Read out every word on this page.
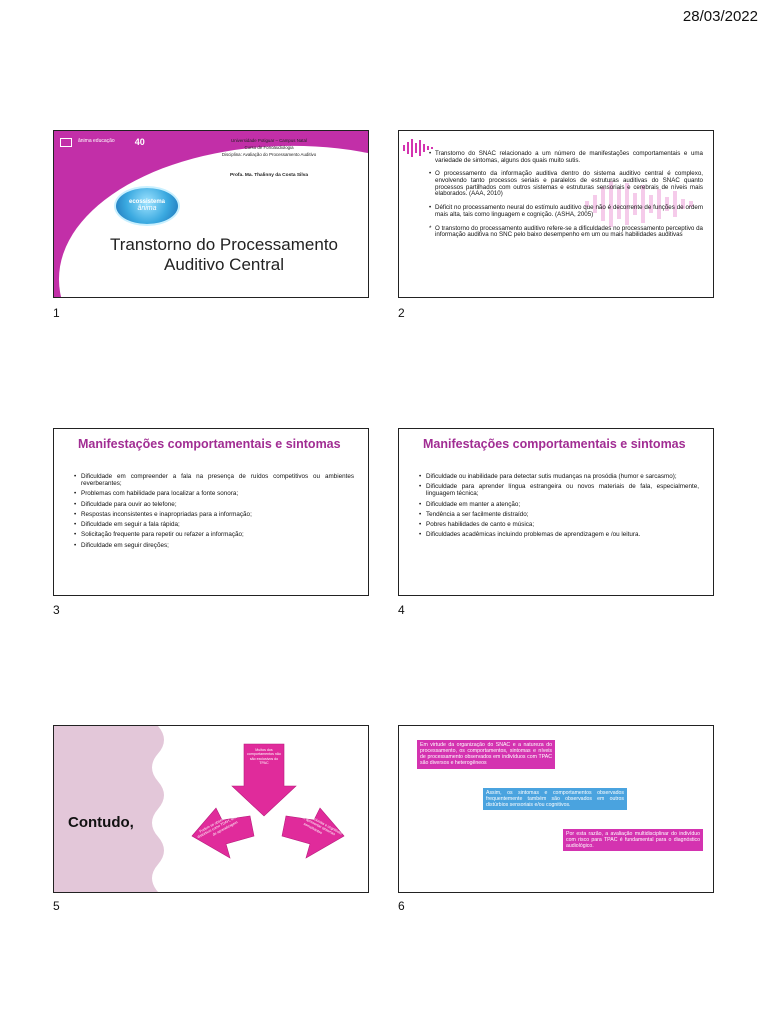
28/03/2022
ânima educação 40	Universidade Potiguar – Campus Natal
Curso de Fonoaudiologia
Disciplina: Avaliação do Processamento Auditivo
Profa. Ma. Thalinny da Costa Silva
ecossistema
ânima
Transtorno do Processamento
Auditivo Central
1

• Transtorno do SNAC relacionado a um número de manifestações comportamentais e uma variedade de sintomas, alguns dos quais muito sutis.

• O processamento da informação auditiva dentro do sistema auditivo central é complexo, envolvendo tanto processos seriais e paralelos de estruturas auditivas do SNAC quanto processos partilhados com outros sistemas e estruturas sensoriais e cerebrais de níveis mais elaborados. (AAA, 2010)

• Déficit no processamento neural do estímulo auditivo que não é decorrente de funções de ordem mais alta, tais como linguagem e cognição. (ASHA, 2005)

* O transtorno do processamento auditivo refere-se a dificuldades no processamento perceptivo da informação auditiva no SNC pelo baixo desempenho em um ou mais habilidades auditivas

2
Manifestações comportamentais e sintomas
• Dificuldade em compreender a fala na presença de ruídos competitivos ou ambientes reverberantes;
• Problemas com habilidade para localizar a fonte sonora;
• Dificuldade para ouvir ao telefone;
• Respostas inconsistentes e inapropriadas para a informação;
• Dificuldade em seguir a fala rápida;
• Solicitação frequente para repetir ou refazer a informação;
• Dificuldade em seguir direções;
3
Manifestações comportamentais e sintomas
• Dificuldade ou inabilidade para detectar sutis mudanças na prosódia (humor e sarcasmo);
• Dificuldade para aprender língua estrangeira ou novos materiais de fala, especialmente, linguagem técnica;
• Dificuldade em manter a atenção;
• Tendência a ser facilmente distraído;
• Pobres habilidades de canto e música;
• Dificuldades acadêmicas incluindo problemas de aprendizagem e /ou leitura.
4
Contudo,
Muitos dos comportamentos não são exclusivos do TPAC
Podem se observar em outros distúrbios como TDAH, dificuldades de aprendizagem	Alterações emocionais e cognitivas podem apresentar sintomas semelhantes
5
Em virtude da organização do SNAC e a natureza do processamento, os comportamentos, sintomas e níveis de processamento observados em indivíduos com TPAC são diversos e heterogêneos
Assim, os sintomas e comportamentos observados frequentemente também são observados em outros distúrbios sensoriais e/ou cognitivos.
Por esta razão, a avaliação multidisciplinar do indivíduo com risco para TPAC é fundamental para o diagnóstico audiológico.
6
